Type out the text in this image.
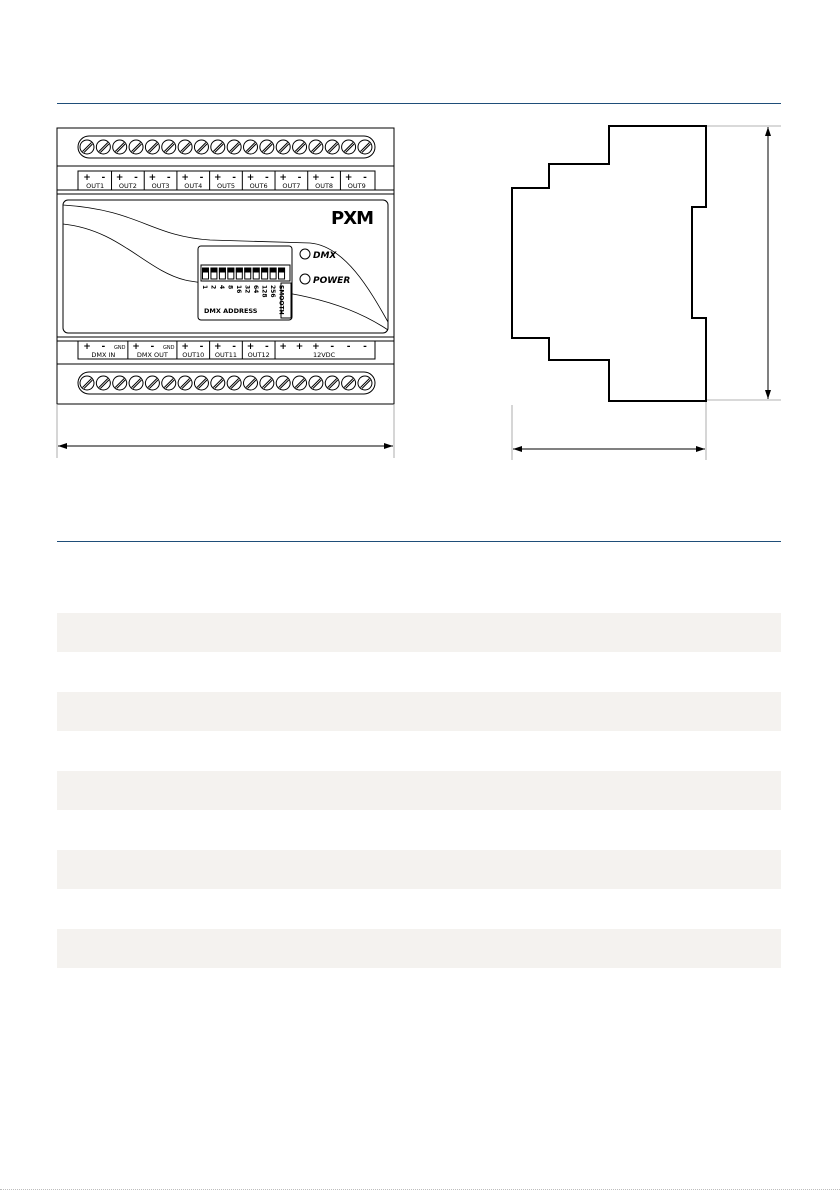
+ -
OUT1
+ -
OUT2
+ -
OUT3
+ -
OUT4
+ -
OUT5
+ -
OUT6
+ -
OUT7
+ -
OUT8
+ -
OUT9
+ - GND
DMX IN
+ - GND
DMX OUT
+ -
OUT10
+ -
OUT11
+ -
OUT12
+ + + - - -
12VDC
PXM
1 2 4 8 16 32 64 128 256 SMOOTH
DMX ADDRESS
DMX
POWER
